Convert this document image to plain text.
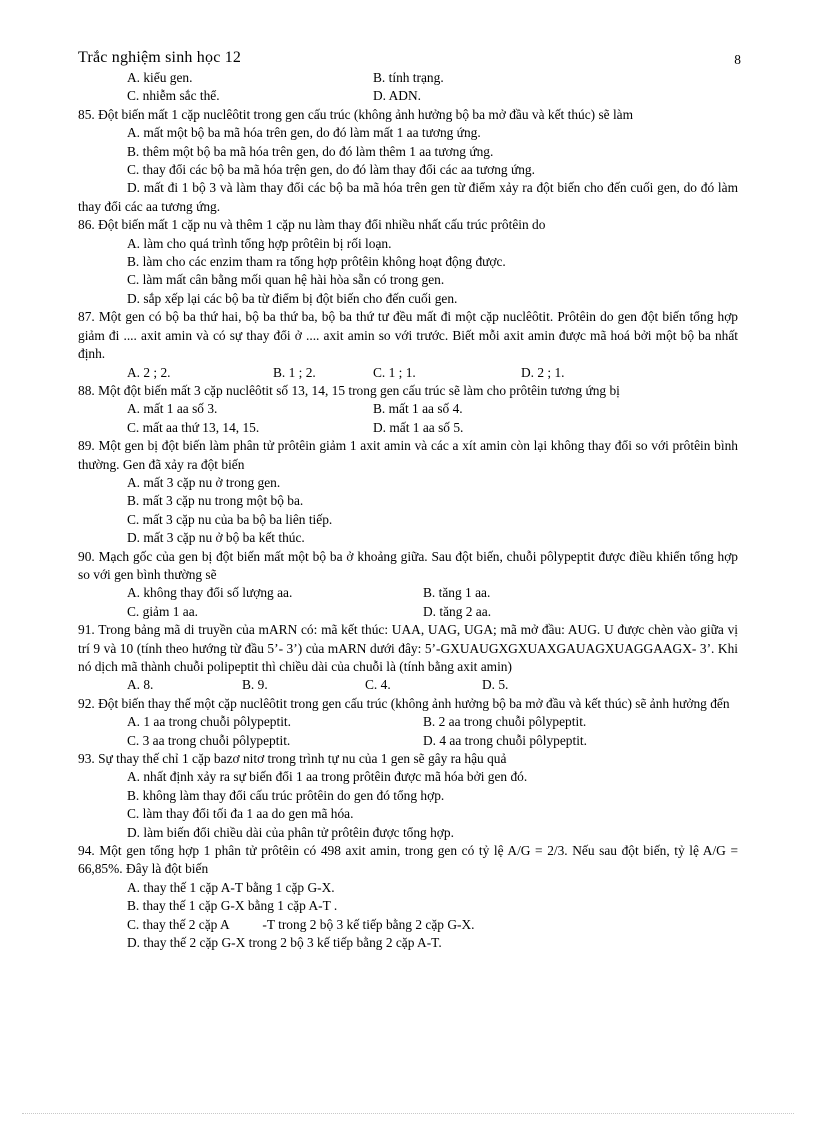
Trắc nghiệm sinh học 12	8
A. kiểu gen.	B. tính trạng.
C. nhiễm sắc thể.	D. ADN.
85. Đột biến mất 1 cặp nuclêôtit trong gen cấu trúc (không ảnh hưởng bộ ba mở đầu và kết thúc) sẽ làm
A. mất một bộ ba mã hóa trên gen, do đó làm mất 1 aa tương ứng.
B. thêm một bộ ba mã hóa trên gen, do đó làm thêm 1 aa tương ứng.
C. thay đổi các bộ ba mã hóa trện gen, do đó làm thay đổi các aa tương ứng.
D. mất đi 1 bộ 3 và làm thay đổi các bộ ba mã hóa trên gen từ điểm xảy ra đột biến cho đến cuối gen, do đó làm thay đổi các aa tương ứng.
86. Đột biến mất 1 cặp nu và thêm 1 cặp nu làm thay đổi nhiều nhất cấu trúc prôtêin do
A. làm cho quá trình tổng hợp prôtêin bị rối loạn.
B. làm cho các enzim tham ra tổng hợp prôtêin không hoạt động được.
C. làm mất cân bằng mối quan hệ hài hòa sẵn có trong gen.
D. sắp xếp lại các bộ ba từ điểm bị đột biến cho đến cuối gen.
87. Một gen có bộ ba thứ hai, bộ ba thứ ba, bộ ba thứ tư đều mất đi một cặp nuclêôtit. Prôtêin do gen đột biến tổng hợp giảm đi .... axit amin và có sự thay đổi ở .... axit amin so với trước. Biết mỗi axit amin được mã hoá bởi một bộ ba nhất định.
A. 2 ; 2.	B. 1 ; 2.	C. 1 ; 1.	D. 2 ; 1.
88. Một đột biến mất 3 cặp nuclêôtit số 13, 14, 15 trong gen cấu trúc sẽ làm cho prôtêin tương ứng bị
A. mất 1 aa số 3.	B. mất 1 aa số 4.
C. mất aa thứ 13, 14, 15.	D. mất 1 aa số 5.
89. Một gen bị đột biến làm phân tử prôtêin giảm 1 axit amin và các a xít amin còn lại không thay đổi so với prôtêin bình thường. Gen đã xảy ra đột biến
A. mất 3 cặp nu ở trong gen.
B. mất 3 cặp nu trong một bộ ba.
C. mất 3 cặp nu của ba bộ ba liên tiếp.
D. mất 3 cặp nu ở bộ ba kết thúc.
90. Mạch gốc của gen bị đột biến mất một bộ ba ở khoảng giữa. Sau đột biến, chuỗi pôlypeptit được điều khiển tổng hợp so với gen bình thường sẽ
A. không thay đổi số lượng aa.	B. tăng 1 aa.
C. giảm 1 aa.	D. tăng 2 aa.
91. Trong bảng mã di truyền của mARN có: mã kết thúc: UAA, UAG, UGA; mã mở đầu: AUG. U được chèn vào giữa vị trí 9 và 10 (tính theo hướng từ đầu 5’- 3’) của mARN dưới đây: 5’-GXUAUGXGXUAXGAUAGXUAGGAAGX- 3’. Khi nó dịch mã thành chuỗi polipeptit thì chiều dài của chuỗi là (tính bằng axit amin)
A. 8.	B. 9.	C. 4.	D. 5.
92. Đột biến thay thế một cặp nuclêôtit trong gen cấu trúc (không ảnh hưởng bộ ba mở đầu và kết thúc) sẽ ảnh hưởng đến
A. 1 aa trong chuỗi pôlypeptit.	B. 2 aa trong chuỗi pôlypeptit.
C. 3 aa trong chuỗi pôlypeptit.	D. 4 aa trong chuỗi pôlypeptit.
93. Sự thay thế chỉ 1 cặp bazơ nitơ trong trình tự nu của 1 gen sẽ gây ra hậu quả
A. nhất định xảy ra sự biến đổi 1 aa trong prôtêin được mã hóa bởi gen đó.
B. không làm thay đổi cấu trúc prôtêin do gen đó tổng hợp.
C. làm thay đổi tối đa 1 aa do gen mã hóa.
D. làm biến đổi chiều dài của phân tử prôtêin được tổng hợp.
94. Một gen tổng hợp 1 phân tử prôtêin có 498 axit amin, trong gen có tỷ lệ A/G = 2/3. Nếu sau đột biến, tỷ lệ A/G = 66,85%. Đây là đột biến
A. thay thế 1 cặp A-T bằng 1 cặp G-X.
B. thay thế 1 cặp G-X bằng 1 cặp A-T .
C. thay thế 2 cặp A          -T trong 2 bộ 3 kế tiếp bằng 2 cặp G-X.
D. thay thế 2 cặp G-X trong 2 bộ 3 kế tiếp bằng 2 cặp A-T.
